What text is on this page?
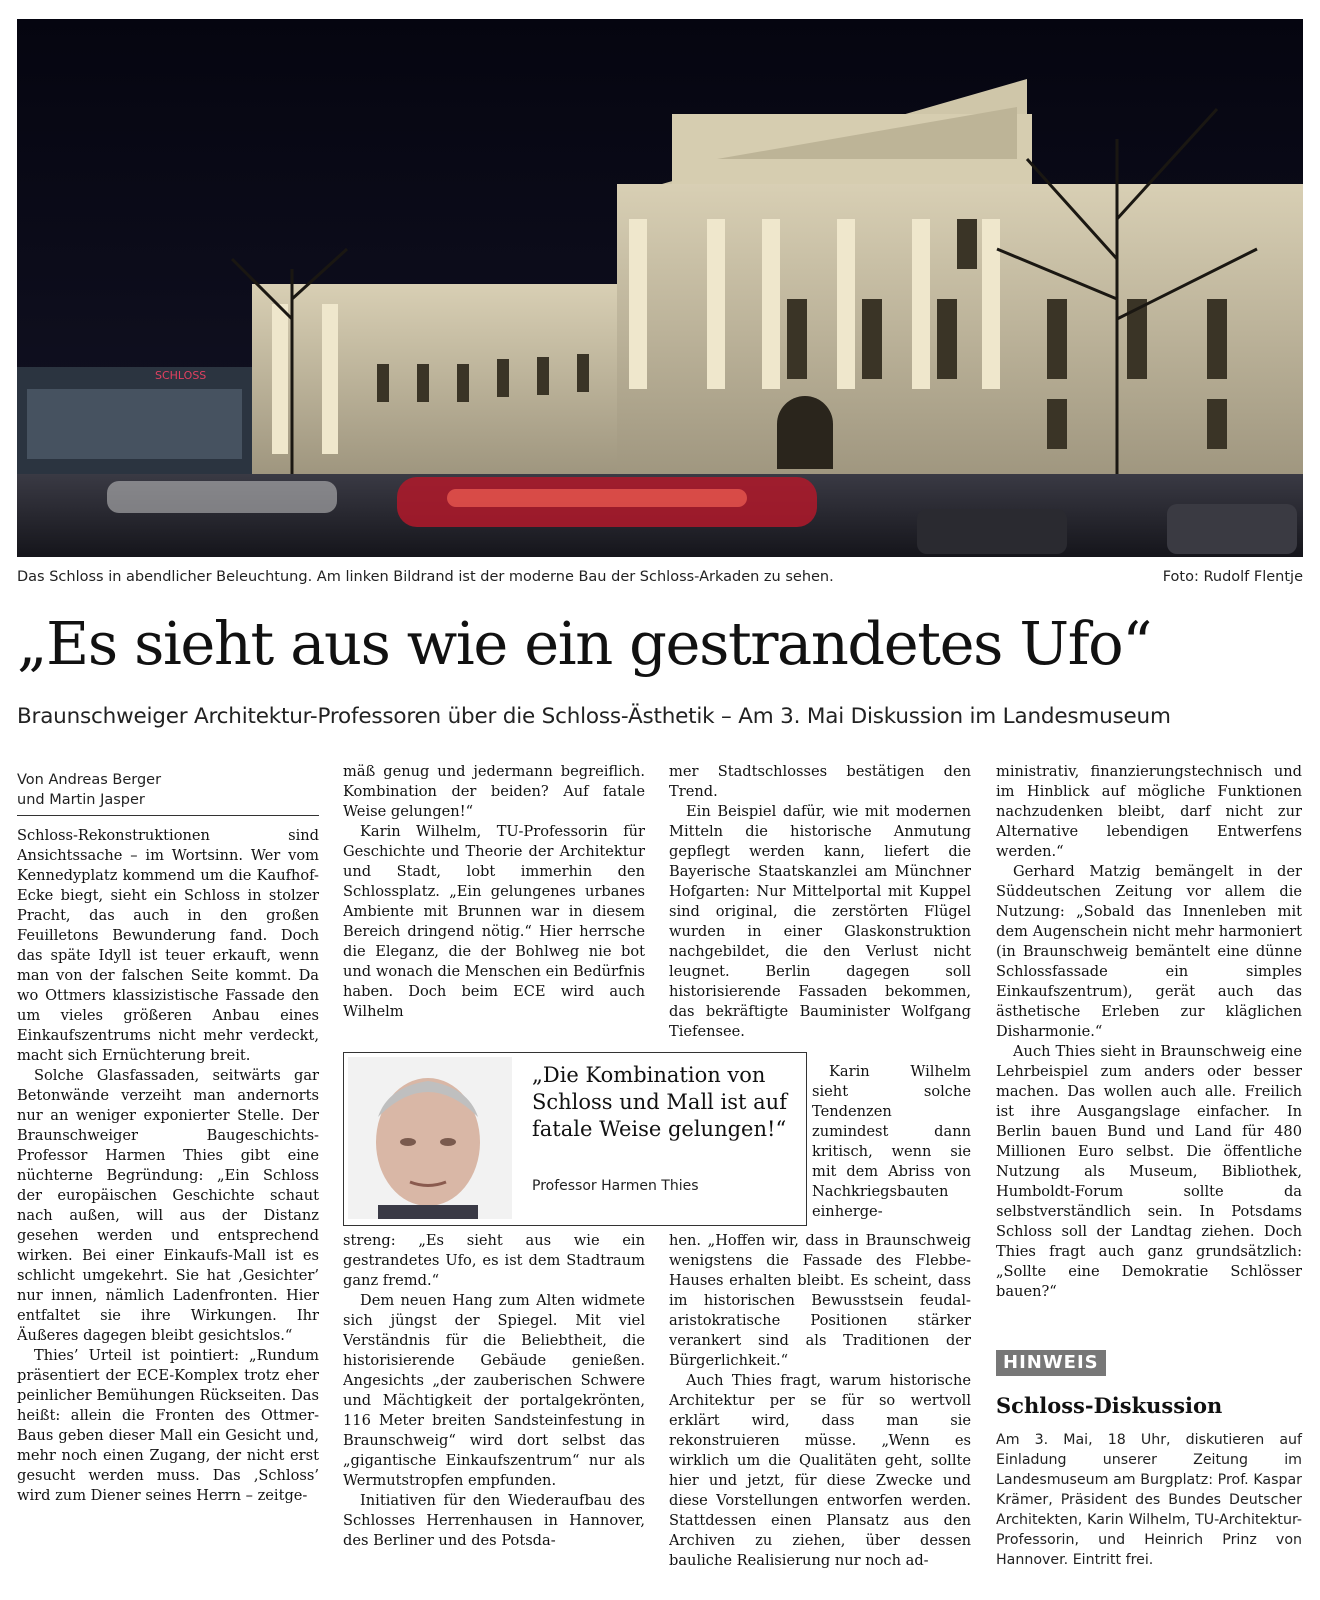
SCHLOSS
Das Schloss in abendlicher Beleuchtung. Am linken Bildrand ist der moderne Bau der Schloss-Arkaden zu sehen.	Foto: Rudolf Flentje
„Es sieht aus wie ein gestrandetes Ufo“
Braunschweiger Architektur-Professoren über die Schloss-Ästhetik – Am 3. Mai Diskussion im Landesmuseum
Von Andreas Berger
und Martin Jasper

Schloss-Rekonstruktionen sind Ansichtssache – im Wortsinn. Wer vom Kennedyplatz kommend um die Kaufhof-Ecke biegt, sieht ein Schloss in stolzer Pracht, das auch in den großen Feuilletons Bewunderung fand. Doch das späte Idyll ist teuer erkauft, wenn man von der falschen Seite kommt. Da wo Ottmers klassizistische Fassade den um vieles größeren Anbau eines Einkaufszentrums nicht mehr verdeckt, macht sich Ernüchterung breit.

Solche Glasfassaden, seitwärts gar Betonwände verzeiht man andernorts nur an weniger exponierter Stelle. Der Braunschweiger Baugeschichts-Professor Harmen Thies gibt eine nüchterne Begründung: „Ein Schloss der europäischen Geschichte schaut nach außen, will aus der Distanz gesehen werden und entsprechend wirken. Bei einer Einkaufs-Mall ist es schlicht umgekehrt. Sie hat ‚Gesichter’ nur innen, nämlich Ladenfronten. Hier entfaltet sie ihre Wirkungen. Ihr Äußeres dagegen bleibt gesichtslos.“

Thies’ Urteil ist pointiert: „Rundum präsentiert der ECE-Komplex trotz eher peinlicher Bemühungen Rückseiten. Das heißt: allein die Fronten des Ottmer-Baus geben dieser Mall ein Gesicht und, mehr noch einen Zugang, der nicht erst gesucht werden muss. Das ‚Schloss’ wird zum Diener seines Herrn – zeitge-

mäß genug und jedermann begreiflich. Kombination der beiden? Auf fatale Weise gelungen!“

Karin Wilhelm, TU-Professorin für Geschichte und Theorie der Architektur und Stadt, lobt immerhin den Schlossplatz. „Ein gelungenes urbanes Ambiente mit Brunnen war in diesem Bereich dringend nötig.“ Hier herrsche die Eleganz, die der Bohlweg nie bot und wonach die Menschen ein Bedürfnis haben. Doch beim ECE wird auch Wilhelm

streng: „Es sieht aus wie ein gestrandetes Ufo, es ist dem Stadtraum ganz fremd.“

Dem neuen Hang zum Alten widmete sich jüngst der Spiegel. Mit viel Verständnis für die Beliebtheit, die historisierende Gebäude genießen. Angesichts „der zauberischen Schwere und Mächtigkeit der portalgekrönten, 116 Meter breiten Sandsteinfestung in Braunschweig“ wird dort selbst das „gigantische Einkaufszentrum“ nur als Wermutstropfen empfunden.

Initiativen für den Wiederaufbau des Schlosses Herrenhausen in Hannover, des Berliner und des Potsda-

mer Stadtschlosses bestätigen den Trend.

Ein Beispiel dafür, wie mit modernen Mitteln die historische Anmutung gepflegt werden kann, liefert die Bayerische Staatskanzlei am Münchner Hofgarten: Nur Mittelportal mit Kuppel sind original, die zerstörten Flügel wurden in einer Glaskonstruktion nachgebildet, die den Verlust nicht leugnet. Berlin dagegen soll historisierende Fassaden bekommen, das bekräftigte Bauminister Wolfgang Tiefensee.

Karin Wilhelm sieht solche Tendenzen zumindest dann kritisch, wenn sie mit dem Abriss von Nachkriegsbauten einherge-

hen. „Hoffen wir, dass in Braunschweig wenigstens die Fassade des Flebbe-Hauses erhalten bleibt. Es scheint, dass im historischen Bewusstsein feudal-aristokratische Positionen stärker verankert sind als Traditionen der Bürgerlichkeit.“

Auch Thies fragt, warum historische Architektur per se für so wertvoll erklärt wird, dass man sie rekonstruieren müsse. „Wenn es wirklich um die Qualitäten geht, sollte hier und jetzt, für diese Zwecke und diese Vorstellungen entworfen werden. Stattdessen einen Plansatz aus den Archiven zu ziehen, über dessen bauliche Realisierung nur noch ad-

ministrativ, finanzierungstechnisch und im Hinblick auf mögliche Funktionen nachzudenken bleibt, darf nicht zur Alternative lebendigen Entwerfens werden.“

Gerhard Matzig bemängelt in der Süddeutschen Zeitung vor allem die Nutzung: „Sobald das Innenleben mit dem Augenschein nicht mehr harmoniert (in Braunschweig bemäntelt eine dünne Schlossfassade ein simples Einkaufszentrum), gerät auch das ästhetische Erleben zur kläglichen Disharmonie.“

Auch Thies sieht in Braunschweig eine Lehrbeispiel zum anders oder besser machen. Das wollen auch alle. Freilich ist ihre Ausgangslage einfacher. In Berlin bauen Bund und Land für 480 Millionen Euro selbst. Die öffentliche Nutzung als Museum, Bibliothek, Humboldt-Forum sollte da selbstverständlich sein. In Potsdams Schloss soll der Landtag ziehen. Doch Thies fragt auch ganz grundsätzlich: „Sollte eine Demokratie Schlösser bauen?“

„Die Kombination von Schloss und Mall ist auf fatale Weise gelungen!“
Professor Harmen Thies
HINWEIS
Schloss-Diskussion
Am 3. Mai, 18 Uhr, diskutieren auf Einladung unserer Zeitung im Landesmuseum am Burgplatz: Prof. Kaspar Krämer, Präsident des Bundes Deutscher Architekten, Karin Wilhelm, TU-Architektur-Professorin, und Heinrich Prinz von Hannover. Eintritt frei.
